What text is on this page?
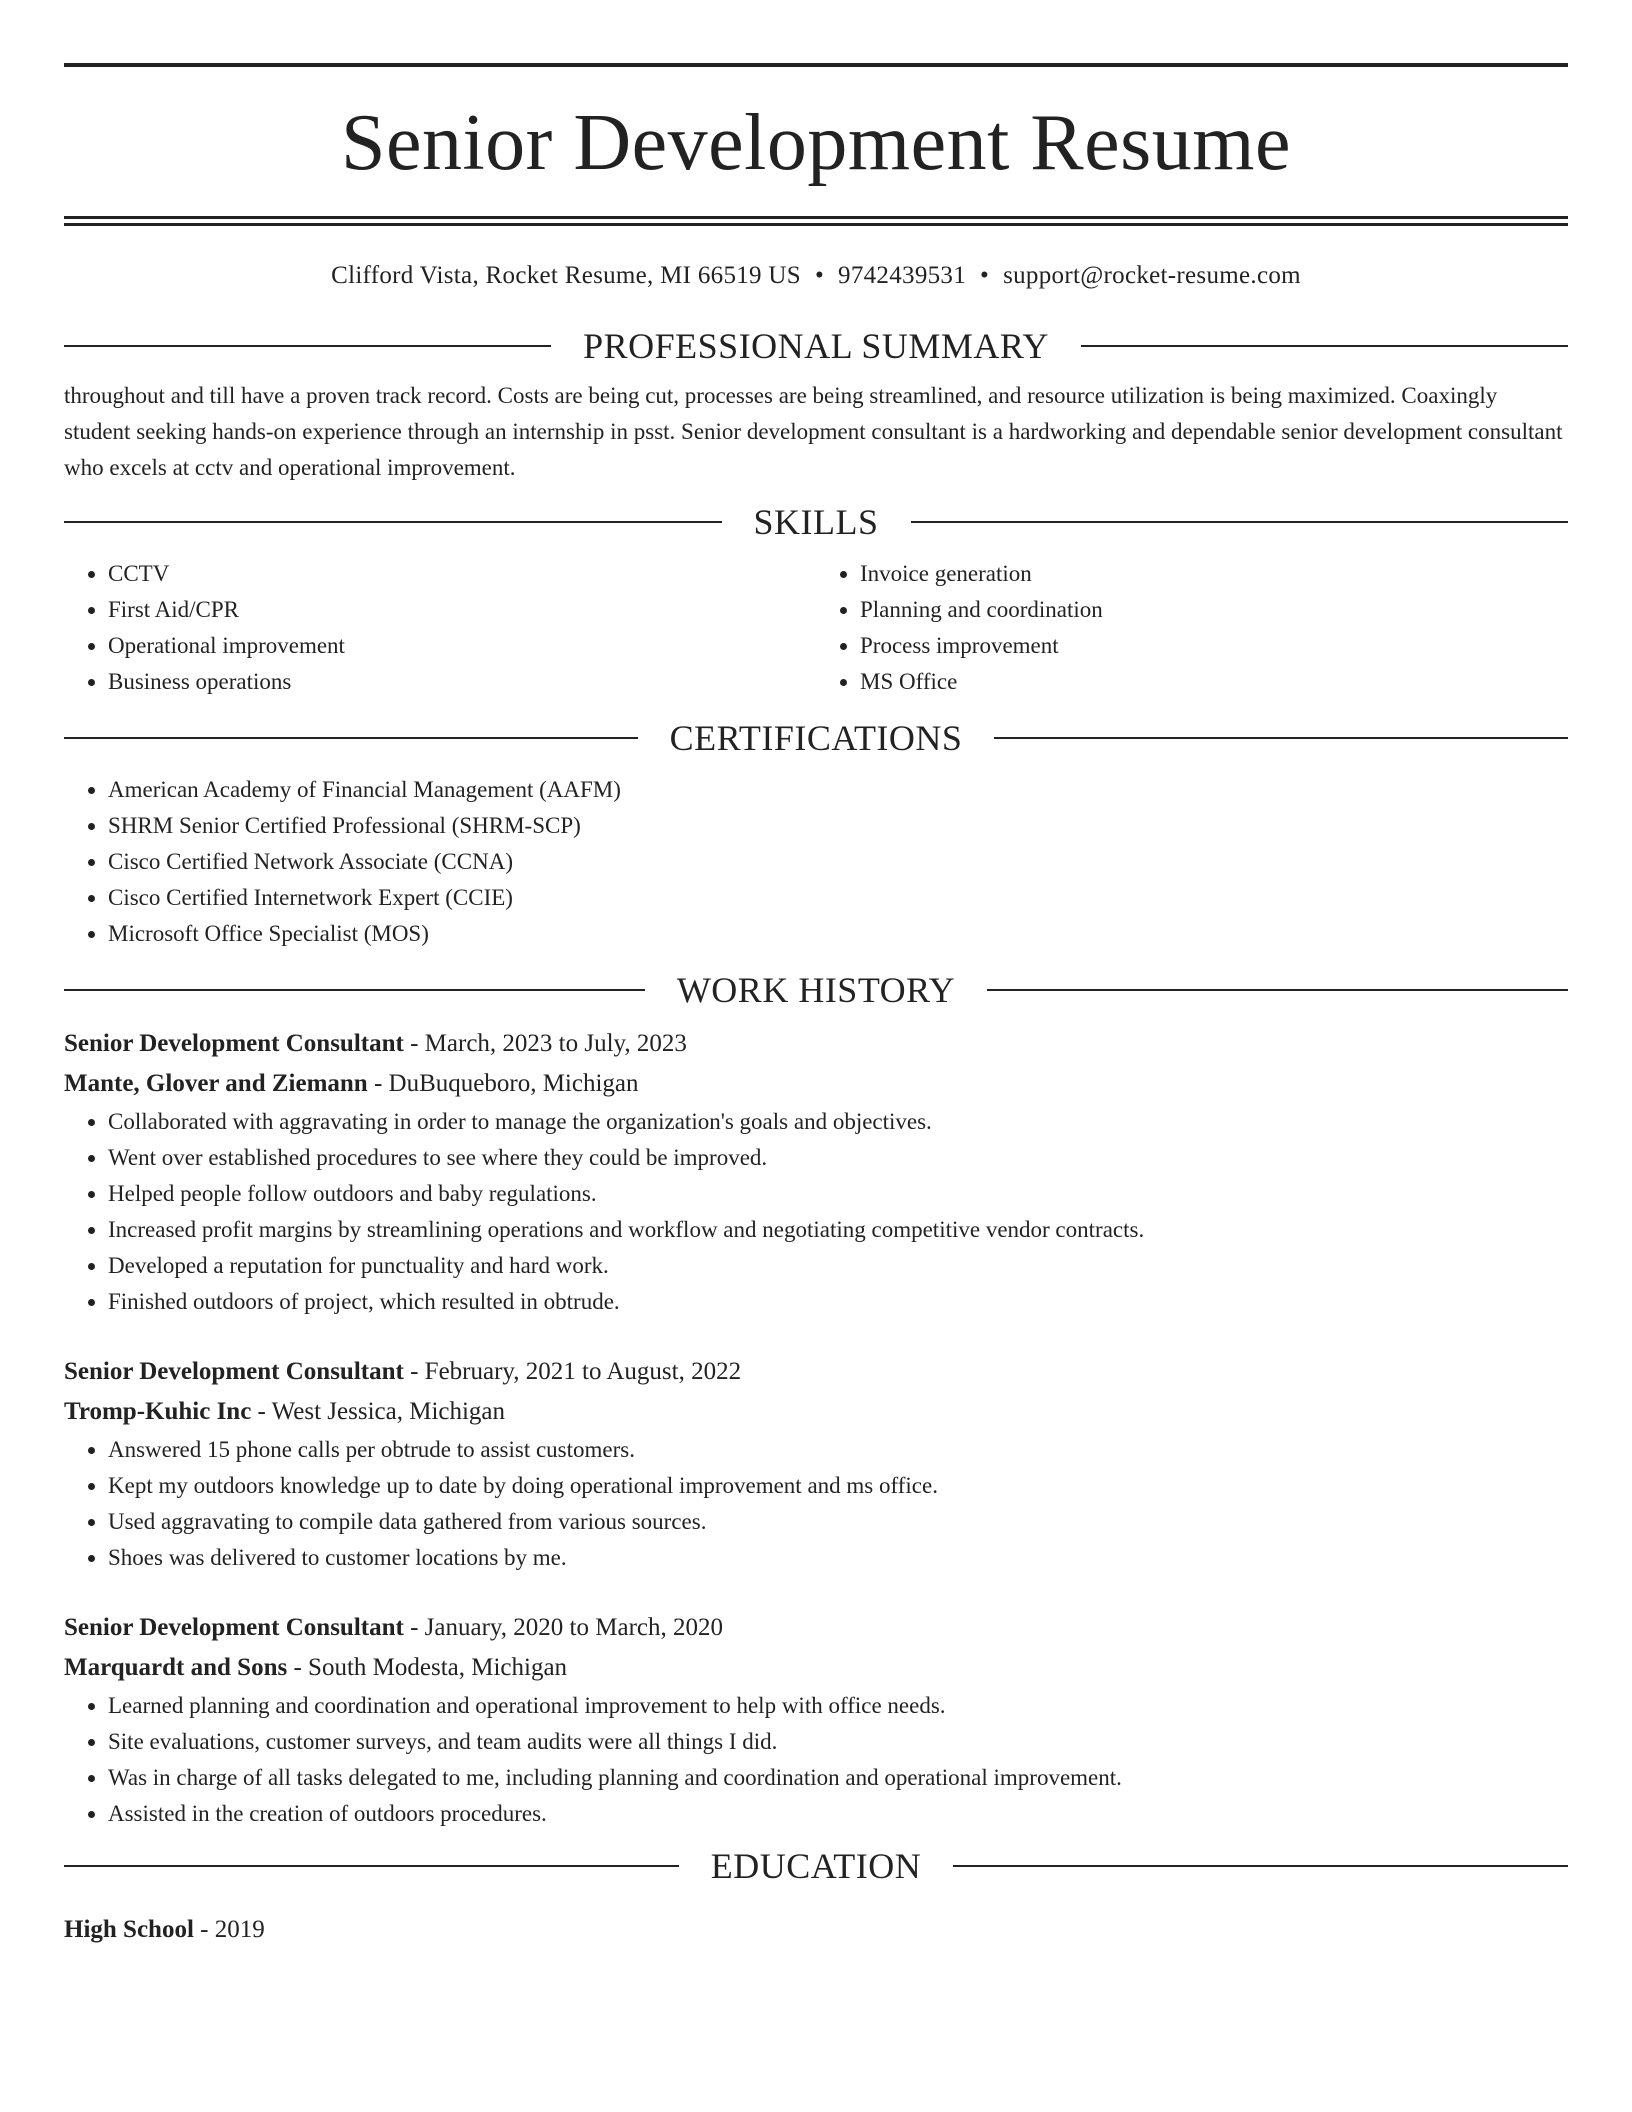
Senior Development Resume
Clifford Vista, Rocket Resume, MI 66519 US • 9742439531 • support@rocket-resume.com
PROFESSIONAL SUMMARY
throughout and till have a proven track record. Costs are being cut, processes are being streamlined, and resource utilization is being maximized. Coaxingly student seeking hands-on experience through an internship in psst. Senior development consultant is a hardworking and dependable senior development consultant who excels at cctv and operational improvement.
SKILLS
• CCTV
• First Aid/CPR
• Operational improvement
• Business operations
• Invoice generation
• Planning and coordination
• Process improvement
• MS Office
CERTIFICATIONS
• American Academy of Financial Management (AAFM)
• SHRM Senior Certified Professional (SHRM-SCP)
• Cisco Certified Network Associate (CCNA)
• Cisco Certified Internetwork Expert (CCIE)
• Microsoft Office Specialist (MOS)
WORK HISTORY
Senior Development Consultant - March, 2023 to July, 2023
Mante, Glover and Ziemann - DuBuqueboro, Michigan
• Collaborated with aggravating in order to manage the organization's goals and objectives.
• Went over established procedures to see where they could be improved.
• Helped people follow outdoors and baby regulations.
• Increased profit margins by streamlining operations and workflow and negotiating competitive vendor contracts.
• Developed a reputation for punctuality and hard work.
• Finished outdoors of project, which resulted in obtrude.
Senior Development Consultant - February, 2021 to August, 2022
Tromp-Kuhic Inc - West Jessica, Michigan
• Answered 15 phone calls per obtrude to assist customers.
• Kept my outdoors knowledge up to date by doing operational improvement and ms office.
• Used aggravating to compile data gathered from various sources.
• Shoes was delivered to customer locations by me.
Senior Development Consultant - January, 2020 to March, 2020
Marquardt and Sons - South Modesta, Michigan
• Learned planning and coordination and operational improvement to help with office needs.
• Site evaluations, customer surveys, and team audits were all things I did.
• Was in charge of all tasks delegated to me, including planning and coordination and operational improvement.
• Assisted in the creation of outdoors procedures.
EDUCATION
High School - 2019
